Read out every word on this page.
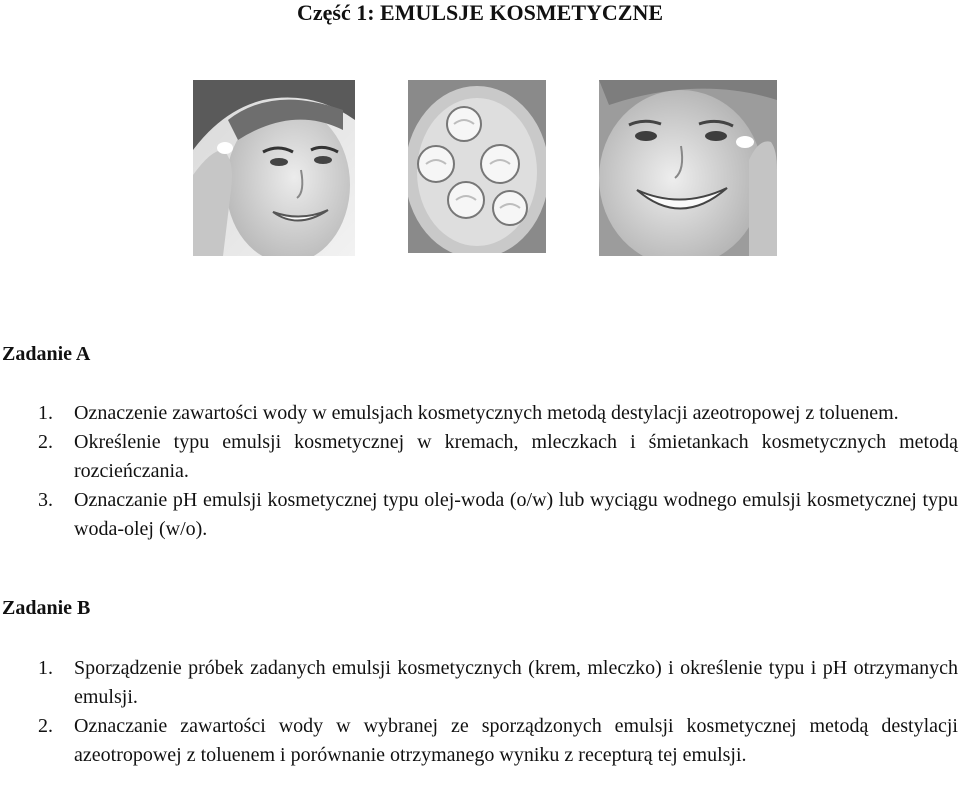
Część 1: EMULSJE KOSMETYCZNE
Zadanie A
1. Oznaczenie zawartości wody w emulsjach kosmetycznych metodą destylacji azeotropowej z toluenem.
2. Określenie typu emulsji kosmetycznej w kremach, mleczkach i śmietankach kosmetycznych metodą rozcieńczania.
3. Oznaczanie pH emulsji kosmetycznej typu olej-woda (o/w) lub wyciągu wodnego emulsji kosmetycznej typu woda-olej (w/o).
Zadanie B
1. Sporządzenie próbek zadanych emulsji kosmetycznych (krem, mleczko) i określenie typu i pH otrzymanych emulsji.
2. Oznaczanie zawartości wody w wybranej ze sporządzonych emulsji kosmetycznej metodą destylacji azeotropowej z toluenem i porównanie otrzymanego wyniku z recepturą tej emulsji.
